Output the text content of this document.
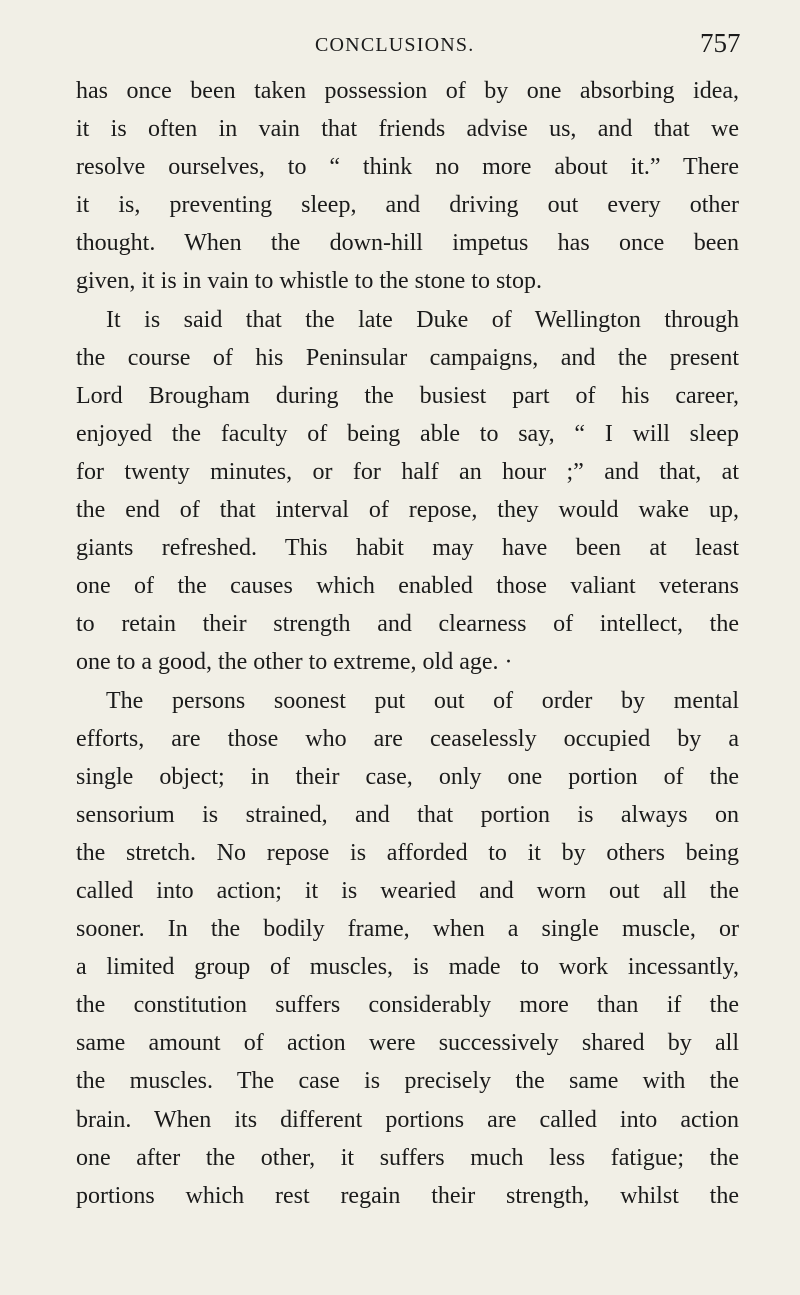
CONCLUSIONS.	757
has once been taken possession of by one absorbing idea,
it is often in vain that friends advise us, and that we
resolve ourselves, to “ think no more about it.” There
it is, preventing sleep, and driving out every other
thought. When the down-hill impetus has once been
given, it is in vain to whistle to the stone to stop.
It is said that the late Duke of Wellington through
the course of his Peninsular campaigns, and the present
Lord Brougham during the busiest part of his career,
enjoyed the faculty of being able to say, “ I will sleep
for twenty minutes, or for half an hour ;” and that, at
the end of that interval of repose, they would wake up,
giants refreshed. This habit may have been at least
one of the causes which enabled those valiant veterans
to retain their strength and clearness of intellect, the
one to a good, the other to extreme, old age. ·
The persons soonest put out of order by mental
efforts, are those who are ceaselessly occupied by a
single object; in their case, only one portion of the
sensorium is strained, and that portion is always on
the stretch. No repose is afforded to it by others being
called into action; it is wearied and worn out all the
sooner. In the bodily frame, when a single muscle, or
a limited group of muscles, is made to work incessantly,
the constitution suffers considerably more than if the
same amount of action were successively shared by all
the muscles. The case is precisely the same with the
brain. When its different portions are called into action
one after the other, it suffers much less fatigue; the
portions which rest regain their strength, whilst the
